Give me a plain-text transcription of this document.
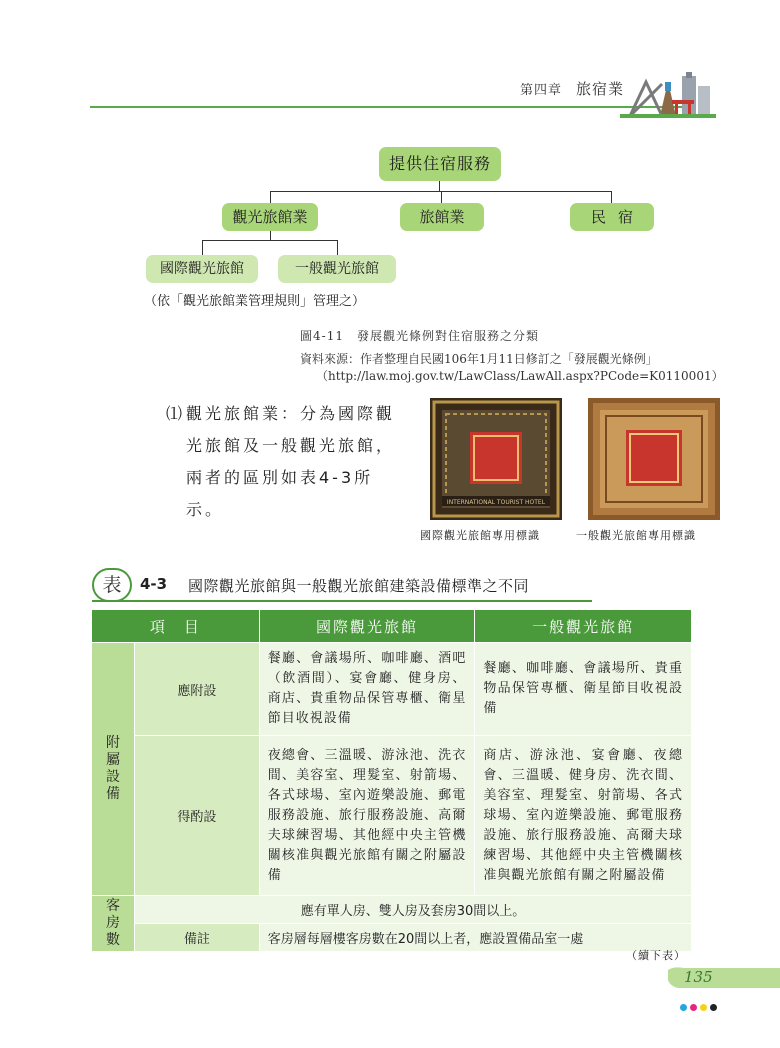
第四章 旅宿業
提供住宿服務
觀光旅館業	旅館業	民宿
國際觀光旅館	一般觀光旅館
（依「觀光旅館業管理規則」管理之）
圖4-11　發展觀光條例對住宿服務之分類
資料來源：作者整理自民國106年1月11日修訂之「發展觀光條例」
（http://law.moj.gov.tw/LawClass/LawAll.aspx?PCode=K0110001）
⑴ 觀光旅館業：分為國際觀光旅館及一般觀光旅館，兩者的區別如表4-3所示。	INTERNATIONAL TOURIST HOTEL
國際觀光旅館專用標識	一般觀光旅館專用標識
表	4-3 國際觀光旅館與一般觀光旅館建築設備標準之不同
項　目		國際觀光旅館	一般觀光旅館
附屬設備	應附設	餐廳、會議場所、咖啡廳、酒吧（飲酒間）、宴會廳、健身房、商店、貴重物品保管專櫃、衛星節目收視設備	餐廳、咖啡廳、會議場所、貴重物品保管專櫃、衛星節目收視設備
	得酌設	夜總會、三溫暖、游泳池、洗衣間、美容室、理髮室、射箭場、各式球場、室內遊樂設施、郵電服務設施、旅行服務設施、高爾夫球練習場、其他經中央主管機關核准與觀光旅館有關之附屬設備	商店、游泳池、宴會廳、夜總會、三溫暖、健身房、洗衣間、美容室、理髮室、射箭場、各式球場、室內遊樂設施、郵電服務設施、旅行服務設施、高爾夫球練習場、其他經中央主管機關核准與觀光旅館有關之附屬設備
客房數	應有單人房、雙人房及套房30間以上。		
	備註	客房層每層樓客房數在20間以上者，應設置備品室一處	
（續下表）
135
